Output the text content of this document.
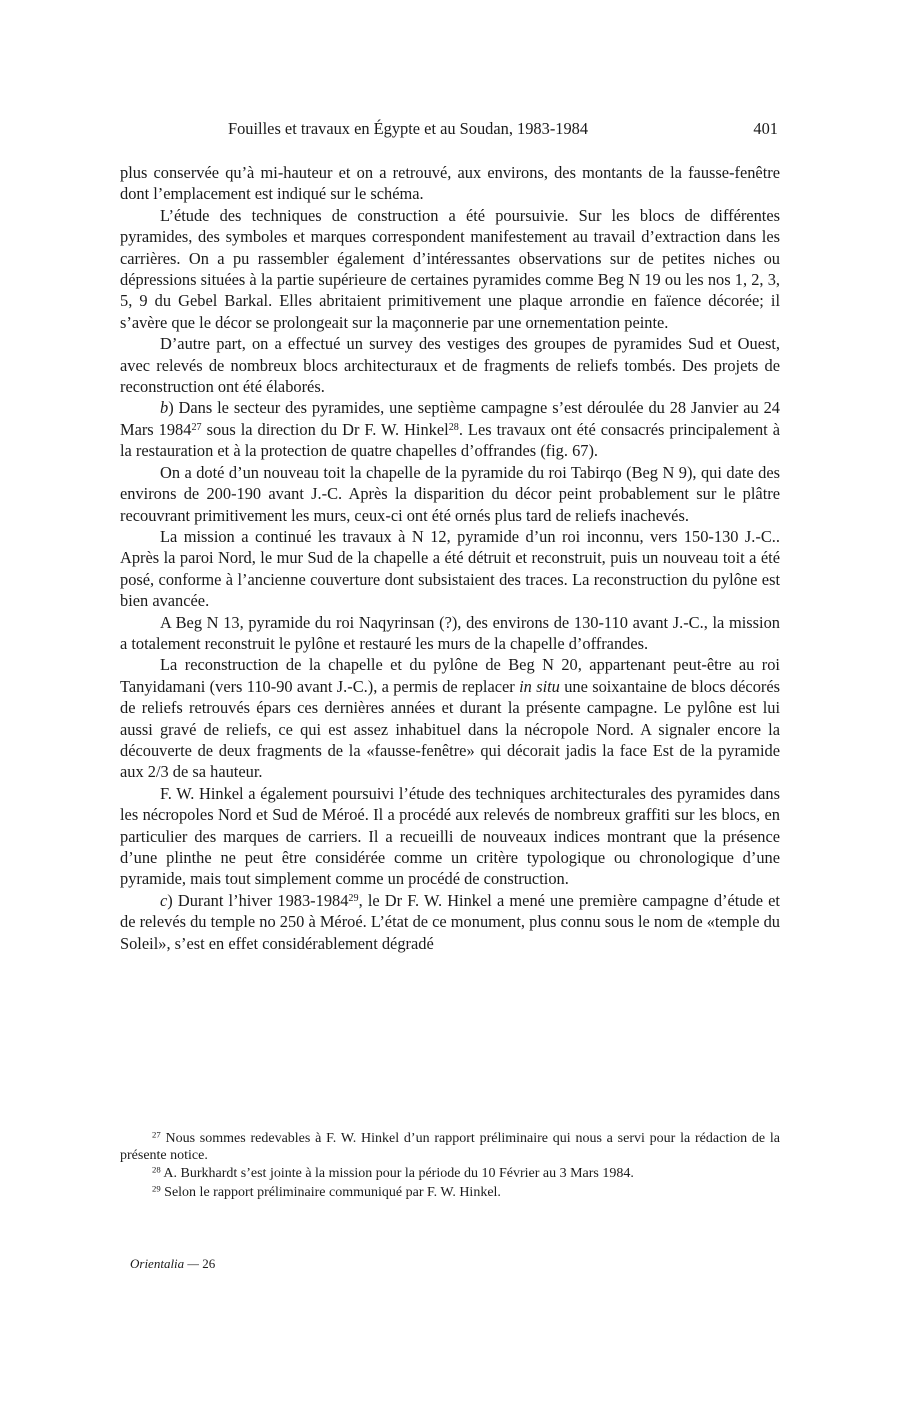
Fouilles et travaux en Égypte et au Soudan, 1983-1984	401

plus conservée qu’à mi-hauteur et on a retrouvé, aux environs, des montants de la fausse-fenêtre dont l’emplacement est indiqué sur le schéma.

L’étude des techniques de construction a été poursuivie. Sur les blocs de différentes pyramides, des symboles et marques correspondent manifestement au travail d’extraction dans les carrières. On a pu rassembler également d’intéressantes observations sur de petites niches ou dépressions situées à la partie supérieure de certaines pyramides comme Beg N 19 ou les nos 1, 2, 3, 5, 9 du Gebel Barkal. Elles abritaient primitivement une plaque arrondie en faïence décorée; il s’avère que le décor se prolongeait sur la maçonnerie par une ornementation peinte.

D’autre part, on a effectué un survey des vestiges des groupes de pyramides Sud et Ouest, avec relevés de nombreux blocs architecturaux et de fragments de reliefs tombés. Des projets de reconstruction ont été élaborés.

b) Dans le secteur des pyramides, une septième campagne s’est déroulée du 28 Janvier au 24 Mars 1984$^{27}$ sous la direction du Dr F. W. Hinkel$^{28}$. Les travaux ont été consacrés principalement à la restauration et à la protection de quatre chapelles d’offrandes (fig. 67).

On a doté d’un nouveau toit la chapelle de la pyramide du roi Tabirqo (Beg N 9), qui date des environs de 200-190 avant J.-C. Après la disparition du décor peint probablement sur le plâtre recouvrant primitivement les murs, ceux-ci ont été ornés plus tard de reliefs inachevés.

La mission a continué les travaux à N 12, pyramide d’un roi inconnu, vers 150-130 J.-C.. Après la paroi Nord, le mur Sud de la chapelle a été détruit et reconstruit, puis un nouveau toit a été posé, conforme à l’ancienne couverture dont subsistaient des traces. La reconstruction du pylône est bien avancée.

A Beg N 13, pyramide du roi Naqyrinsan (?), des environs de 130-110 avant J.-C., la mission a totalement reconstruit le pylône et restauré les murs de la chapelle d’offrandes.

La reconstruction de la chapelle et du pylône de Beg N 20, appartenant peut-être au roi Tanyidamani (vers 110-90 avant J.-C.), a permis de replacer in situ une soixantaine de blocs décorés de reliefs retrouvés épars ces dernières années et durant la présente campagne. Le pylône est lui aussi gravé de reliefs, ce qui est assez inhabituel dans la nécropole Nord. A signaler encore la découverte de deux fragments de la «fausse-fenêtre» qui décorait jadis la face Est de la pyramide aux 2/3 de sa hauteur.

F. W. Hinkel a également poursuivi l’étude des techniques architecturales des pyramides dans les nécropoles Nord et Sud de Méroé. Il a procédé aux relevés de nombreux graffiti sur les blocs, en particulier des marques de carriers. Il a recueilli de nouveaux indices montrant que la présence d’une plinthe ne peut être considérée comme un critère typologique ou chronologique d’une pyramide, mais tout simplement comme un procédé de construction.

c) Durant l’hiver 1983-1984$^{29}$, le Dr F. W. Hinkel a mené une première campagne d’étude et de relevés du temple no 250 à Méroé. L’état de ce monument, plus connu sous le nom de «temple du Soleil», s’est en effet considérablement dégradé

$^{27}$ Nous sommes redevables à F. W. Hinkel d’un rapport préliminaire qui nous a servi pour la rédaction de la présente notice.

$^{28}$ A. Burkhardt s’est jointe à la mission pour la période du 10 Février au 3 Mars 1984.

$^{29}$ Selon le rapport préliminaire communiqué par F. W. Hinkel.

Orientalia — 26
